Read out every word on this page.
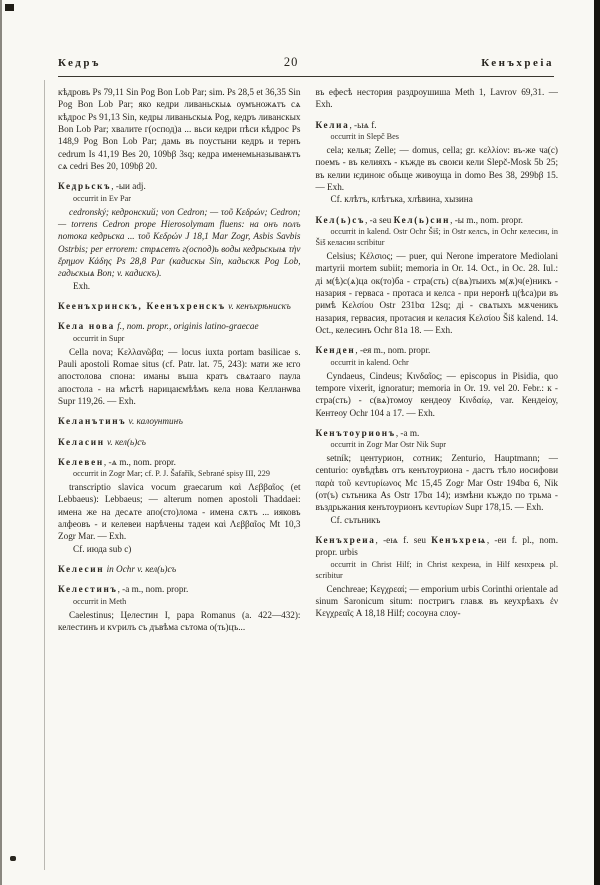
Кедръ	20	Кенъхреіа

кѣдровъ Ps 79,11 Sin Pog Bon Lob Par; sim. Ps 28,5 et 36,35 Sin Pog Bon Lob Par; яко кедри ливаньскыѧ оумъножѧтъ сѧ кѣдрос Ps 91,13 Sin, кедры ливаньскыѧ Pog, кедръ ливанскых Bon Lob Par; хвалите г(оспод)а ... вьси кедри пѣси кѣдрос Ps 148,9 Pog Bon Lob Par; дамь въ поустыни кедръ и тернъ cedrum Is 41,19 Bes 20, 109bβ 3sq; кедра именемьназываѭтъ сѧ cedri Bes 20, 109bβ 20.

Кедрьскъ, -ыи adj.

occurrit in Ev Par

cedronský; кедронский; von Cedron; — τοῦ Κεδρών; Cedron; — torrens Cedron prope Hierosolymam fluens: на онъ полъ потока кедрьска ... τοῦ Κεδρών J 18,1 Mar Zogr, Asbis Savbis Ostrbis; per errorem: стрѧсетъ г(оспод)ь воды кедрьскыѩ τὴν ἔρημον Κάδης Ps 28,8 Par (кадискы Sin, кадьскѫ Pog Lob, гадьскыѧ Bon; v. кадискъ).

Exh.

Кеенъхринскъ, Кеенъхренскъ v. кенъхрѣнискъ

Кела нова f., nom. propr., originis latino-graecae

occurrit in Supr

Cella nova; Κελλανῶβα; — locus iuxta portam basilicae s. Pauli apostoli Romae situs (cf. Patr. lat. 75, 243): мати же ѥго апостолова спона: иманы въша кратъ свѧтааго паула апостола - на мѣстѣ нарицаѥмѣѣмъ кела нова Келланѡва Supr 119,26. — Exh.

Келанътинъ v. калоунтинъ

Келасин v. кел(ь)съ

Келевен, -ѧ m., nom. propr.

occurrit in Zogr Mar; cf. P. J. Šafařík, Sebrané spisy III, 229

transcriptio slavica vocum graecarum καὶ Λεββαῖος (et Lebbaeus): Lebbaeus; — alterum nomen apostoli Thaddaei: имена же на десѧте апо(сто)лома - имена сѫтъ ... ияковъ алфеовъ - и келевеи нарѣчены тадеи καὶ Λεββαῖος Mt 10,3 Zogr Mar. — Exh.

Cf. июда sub c)

Келесин in Ochr v. кел(ь)съ

Келестинъ, -а m., nom. propr.

occurrit in Meth

Caelestinus; Целестин I, papa Romanus (a. 422—432): келестинъ и кѵрилъ съ дъвѣма сътома о(ть)цъ...

въ ефесѣ нестория раздроушиша Meth 1, Lavrov 69,31. — Exh.

Келиа, -ьѩ f.

occurrit in Slepč Bes

cela; келья; Zelle; — domus, cella; gr. κελλίον: въ-же ча(с) поемъ - въ келияхъ - къжде въ своѥи кели Slepč-Mosk 5b 25; въ келии ѥдиноѥ обьще живоуща in domo Bes 38, 299bβ 15. — Exh.

Cf. клѣтъ, клѣтъка, хлѣвина, хызина

Кел(ь)съ, -а seu Кел(ь)син, -ы m., nom. propr.

occurrit in kalend. Ostr Ochr Šiš; in Ostr келсъ, in Ochr келесин, in Šiš келасин scribitur

Celsius; Κέλσιος; — puer, qui Nerone imperatore Mediolani martyrii mortem subiit; memoria in Or. 14. Oct., in Oc. 28. Iul.: ді м(ѣ)с(ѧ)ца ок(то)ба - стра(сть) с(вѧ)тыихъ м(ѫ)ч(е)никъ - назария - герваса - протаса и келса - при неронѣ ц(ѣса)ри въ римѣ Κελσίου Ostr 231bα 12sq; ді - свѧтыхъ мѫченикъ назария, гервасия, протасия и келасия Κελσίου Šiš kalend. 14. Oct., келесинъ Ochr 81а 18. — Exh.

Кенден, -ея m., nom. propr.

occurrit in kalend. Ochr

Cyndaeus, Cindeus; Κινδαῖος; — episcopus in Pisidia, quo tempore vixerit, ignoratur; memoria in Or. 19. vel 20. Febr.: к - стра(сть) - с(вѧ)томоу кендеоу Κινδαίῳ, var. Кендеіоу, Кентеоу Ochr 104 a 17. — Exh.

Кенътоурионъ, -а m.

occurrit in Zogr Mar Ostr Nik Supr

setník; центурион, сотник; Zenturio, Hauptmann; — centurio: оувѣдѣвъ отъ кенътоуриона - дастъ тѣло иосифови παρὰ τοῦ κεντυρίωνος Mc 15,45 Zogr Mar Ostr 194bα 6, Nik (от(ъ) сътьника As Ostr 17bα 14); измѣни къждо по трьма - въздрьжания кенътоурионъ κεντυρίων Supr 178,15. — Exh.

Cf. сътьникъ

Кенъхреиа, -еѩ f. seu Кенъхреѩ, -еи f. pl., nom. propr. urbis

occurrit in Christ Hilf; in Christ кехреиа, in Hilf кенхреѩ pl. scribitur

Cenchreae; Κεγχρεαί; — emporium urbis Corinthi orientale ad sinum Saronicum situm: постригъ главѫ въ кеухрѣахъ ἐν Κεγχρεαῖς A 18,18 Hilf; сосоуна слоу-
